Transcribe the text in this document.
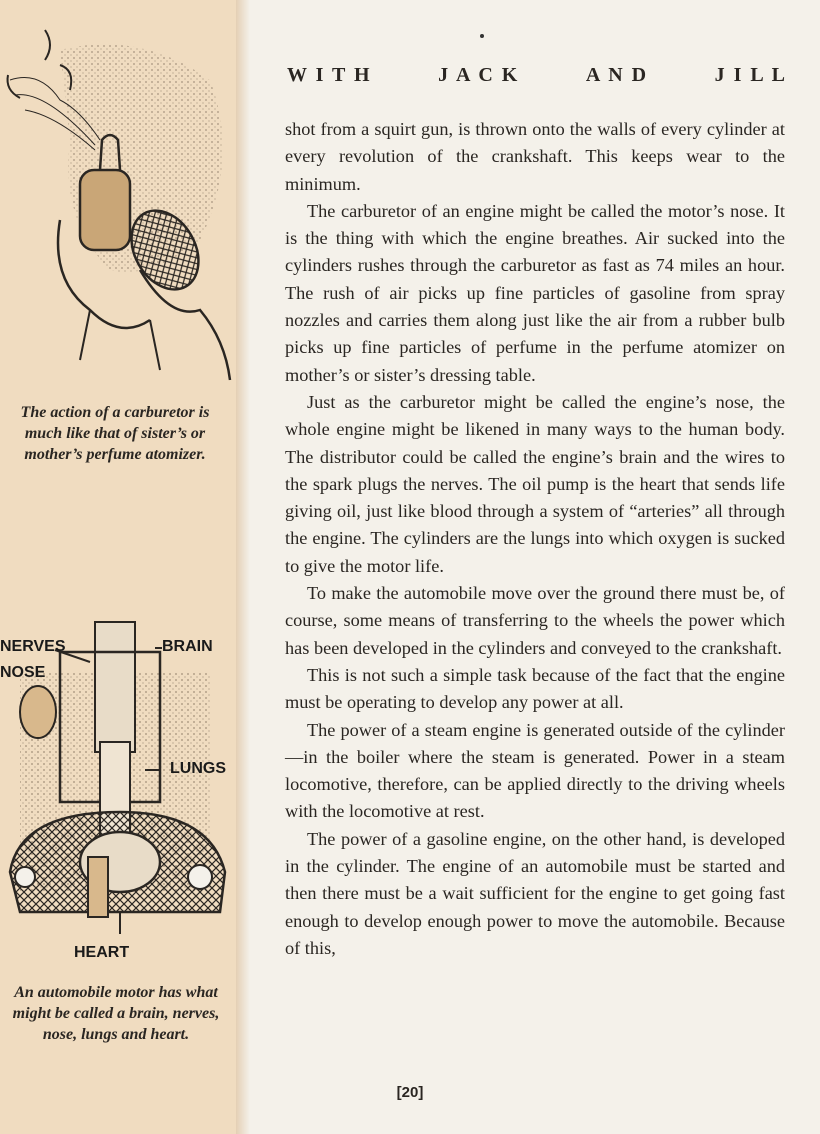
The action of a carburetor is much like that of sister’s or mother’s perfume atomizer.
NERVES
NOSE
BRAIN
LUNGS
HEART
An automobile motor has what might be called a brain, nerves, nose, lungs and heart.
W I T H	J A C K	A N D	J I L L

shot from a squirt gun, is thrown onto the walls of every cylinder at every revolution of the crankshaft. This keeps wear to the minimum.

The carburetor of an engine might be called the motor’s nose. It is the thing with which the engine breathes. Air sucked into the cylinders rushes through the carburetor as fast as 74 miles an hour. The rush of air picks up fine particles of gasoline from spray nozzles and carries them along just like the air from a rubber bulb picks up fine particles of perfume in the perfume atomizer on mother’s or sister’s dressing table.

Just as the carburetor might be called the engine’s nose, the whole engine might be likened in many ways to the human body. The distributor could be called the engine’s brain and the wires to the spark plugs the nerves. The oil pump is the heart that sends life giving oil, just like blood through a system of “arteries” all through the engine. The cylinders are the lungs into which oxygen is sucked to give the motor life.

To make the automobile move over the ground there must be, of course, some means of transferring to the wheels the power which has been developed in the cylinders and conveyed to the crankshaft.

This is not such a simple task because of the fact that the engine must be operating to develop any power at all.

The power of a steam engine is generated outside of the cylinder—in the boiler where the steam is generated. Power in a steam locomotive, therefore, can be applied directly to the driving wheels with the locomotive at rest.

The power of a gasoline engine, on the other hand, is developed in the cylinder. The engine of an automobile must be started and then there must be a wait sufficient for the engine to get going fast enough to develop enough power to move the automobile. Because of this,

[20]
